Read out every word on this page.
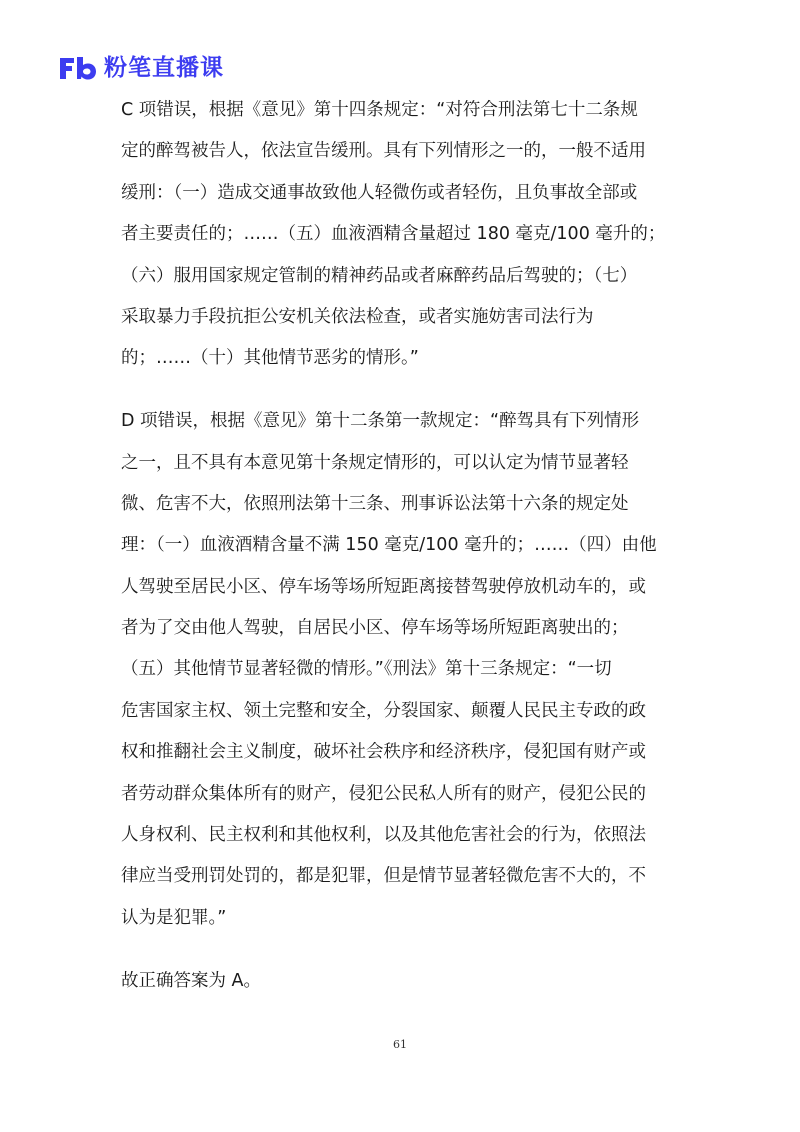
粉笔直播课
C 项错误，根据《意见》第十四条规定：“对符合刑法第七十二条规
定的醉驾被告人，依法宣告缓刑。具有下列情形之一的，一般不适用
缓刑：（一）造成交通事故致他人轻微伤或者轻伤，且负事故全部或
者主要责任的；……（五）血液酒精含量超过 180 毫克/100 毫升的；
（六）服用国家规定管制的精神药品或者麻醉药品后驾驶的；（七）
采取暴力手段抗拒公安机关依法检查，或者实施妨害司法行为
的；……（十）其他情节恶劣的情形。”
D 项错误，根据《意见》第十二条第一款规定：“醉驾具有下列情形
之一，且不具有本意见第十条规定情形的，可以认定为情节显著轻
微、危害不大，依照刑法第十三条、刑事诉讼法第十六条的规定处
理：（一）血液酒精含量不满 150 毫克/100 毫升的；……（四）由他
人驾驶至居民小区、停车场等场所短距离接替驾驶停放机动车的，或
者为了交由他人驾驶，自居民小区、停车场等场所短距离驶出的；
（五）其他情节显著轻微的情形。”《刑法》第十三条规定：“一切
危害国家主权、领土完整和安全，分裂国家、颠覆人民民主专政的政
权和推翻社会主义制度，破坏社会秩序和经济秩序，侵犯国有财产或
者劳动群众集体所有的财产，侵犯公民私人所有的财产，侵犯公民的
人身权利、民主权利和其他权利，以及其他危害社会的行为，依照法
律应当受刑罚处罚的，都是犯罪，但是情节显著轻微危害不大的，不
认为是犯罪。”
故正确答案为 A。
61
